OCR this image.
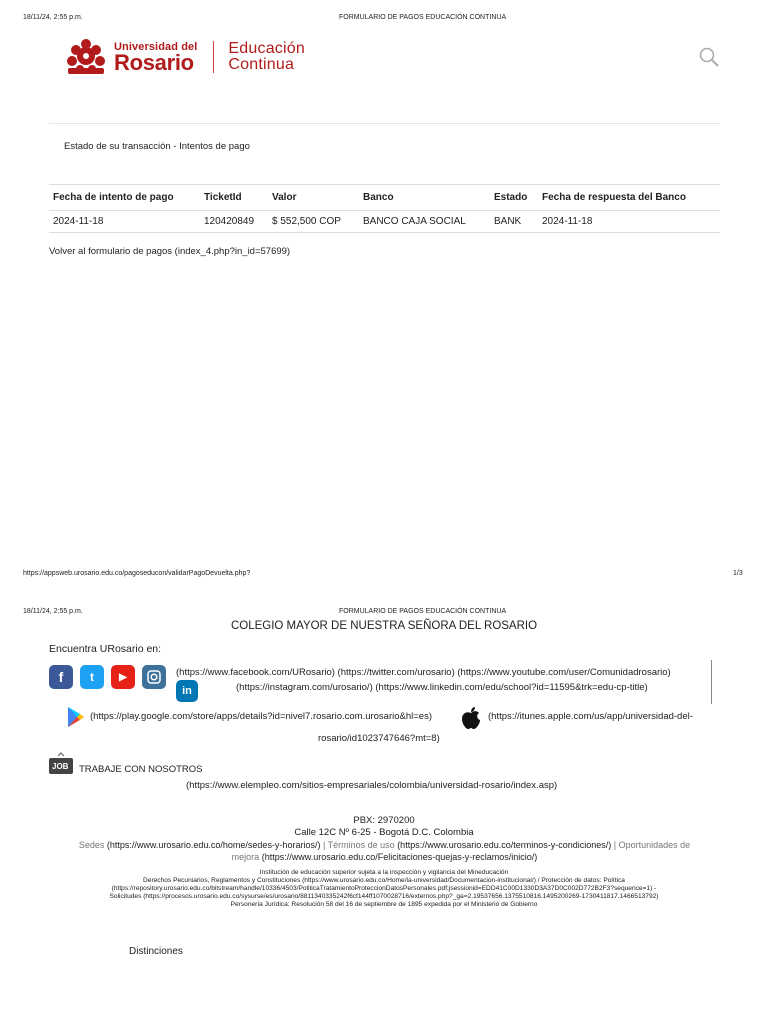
18/11/24, 2:55 p.m.	FORMULARIO DE PAGOS EDUCACIÓN CONTINUA
Universidad del
Rosario
Educación
Continua
Estado de su transacción - Intentos de pago
Fecha de intento de pago	TicketId	Valor	Banco	Estado	Fecha de respuesta del Banco
2024-11-18	120420849	$ 552,500 COP	BANCO CAJA SOCIAL	BANK	2024-11-18
Volver al formulario de pagos (index_4.php?in_id=57699)
https://appsweb.urosario.edu.co/pagoseducon/validarPagoDevuelta.php?	1/3
18/11/24, 2:55 p.m.	FORMULARIO DE PAGOS EDUCACIÓN CONTINUA
COLEGIO MAYOR DE NUESTRA SEÑORA DEL ROSARIO
Encuentra URosario en:
f	t	▶
in
(https://www.facebook.com/URosario) (https://twitter.com/urosario) (https://www.youtube.com/user/Comunidadrosario)
(https://instagram.com/urosario/) (https://www.linkedin.com/edu/school?id=11595&trk=edu-cp-title)
(https://play.google.com/store/apps/details?id=nivel7.rosario.com.urosario&hl=es)	(https://itunes.apple.com/us/app/universidad-del-
rosario/id1023747646?mt=8)
JOB TRABAJE CON NOSOTROS
(https://www.elempleo.com/sitios-empresariales/colombia/universidad-rosario/index.asp)
PBX: 2970200
Calle 12C Nº 6-25 - Bogotá D.C. Colombia
Sedes (https://www.urosario.edu.co/home/sedes-y-horarios/) | Términos de uso (https://www.urosario.edu.co/terminos-y-condiciones/) | Oportunidades de
mejora (https://www.urosario.edu.co/Felicitaciones-quejas-y-reclamos/inicio/)
Institución de educación superior sujeta a la inspección y vigilancia del Mineducación
Derechos Pecuniarios, Reglamentos y Constituciones (https://www.urosario.edu.co/Home/la-universidad/Documentacion-institucional/) / Protección de datos: Política
(https://repository.urosario.edu.co/bitstream/handle/10336/4503/PoliticaTratamientoProteccionDatosPersonales.pdf;jsessionid=EDD41C00D1330D3A37D0C002D772B2F3?sequence=1) -
Solicitudes (https://procesos.urosario.edu.co/sysurse/es/urosario/881134033524​2f6cf144ff1070028716/externos.php?_ga=2.19537656.1375510816.1495200269-1730411817.1466513792)
Personería Jurídica: Resolución 58 del 16 de septiembre de 1895 expedida por el Ministerio de Gobierno
Distinciones
